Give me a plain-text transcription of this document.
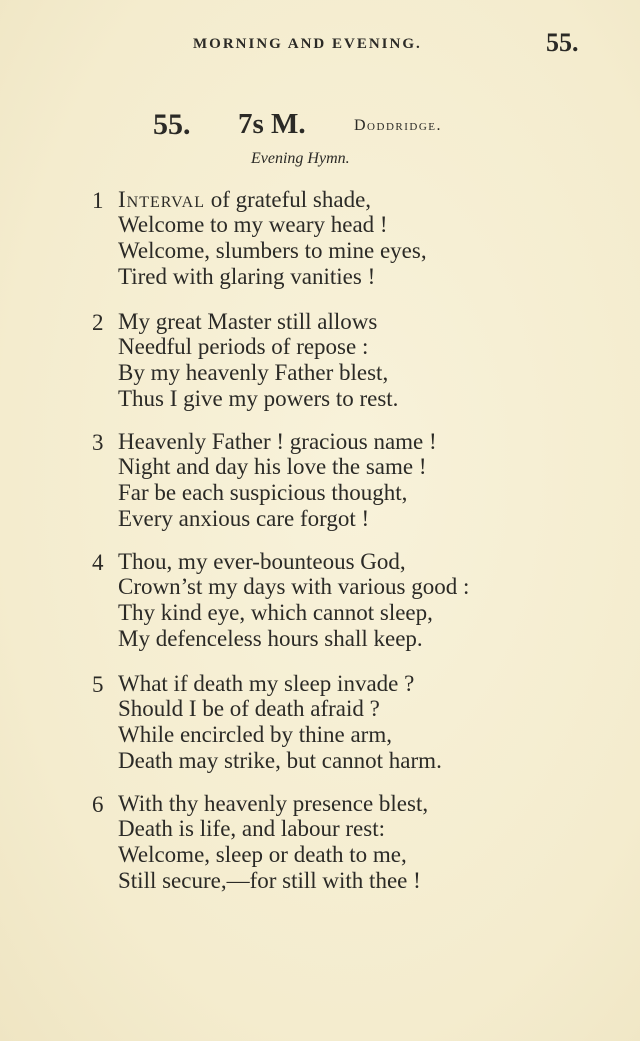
MORNING AND EVENING.	55.
55. 7s M.	Doddridge.
Evening Hymn.
1 Interval of grateful shade,
Welcome to my weary head !
Welcome, slumbers to mine eyes,
Tired with glaring vanities !
2 My great Master still allows
Needful periods of repose :
By my heavenly Father blest,
Thus I give my powers to rest.
3 Heavenly Father ! gracious name !
Night and day his love the same !
Far be each suspicious thought,
Every anxious care forgot !
4 Thou, my ever-bounteous God,
Crown’st my days with various good :
Thy kind eye, which cannot sleep,
My defenceless hours shall keep.
5 What if death my sleep invade ?
Should I be of death afraid ?
While encircled by thine arm,
Death may strike, but cannot harm.
6 With thy heavenly presence blest,
Death is life, and labour rest:
Welcome, sleep or death to me,
Still secure,—for still with thee !
